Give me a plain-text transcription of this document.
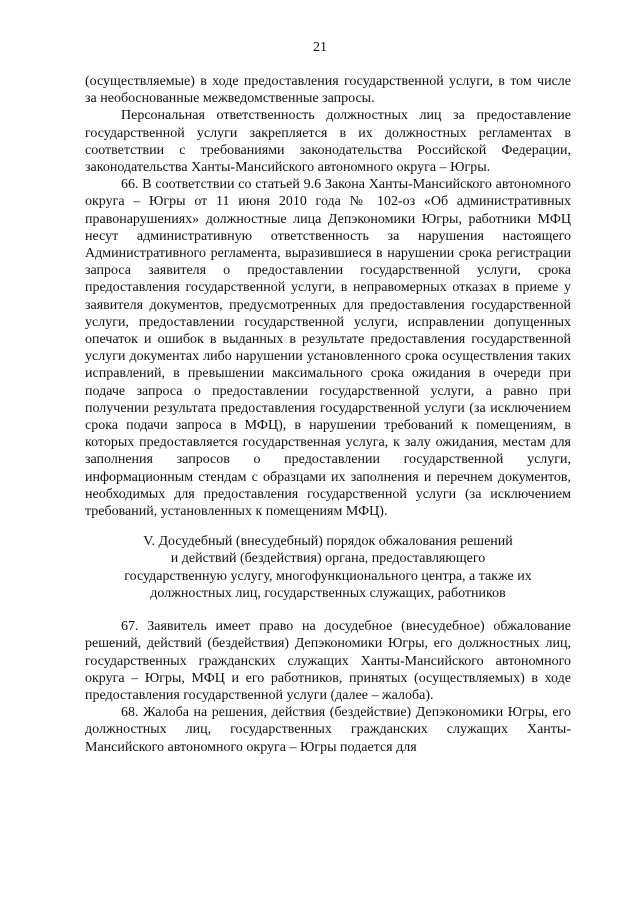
21

(осуществляемые) в ходе предоставления государственной услуги, в том числе за необоснованные межведомственные запросы.

Персональная ответственность должностных лиц за предоставление государственной услуги закрепляется в их должностных регламентах в соответствии с требованиями законодательства Российской Федерации, законодательства Ханты-Мансийского автономного округа – Югры.

66. В соответствии со статьей 9.6 Закона Ханты-Мансийского автономного округа – Югры от 11 июня 2010 года № 102-оз «Об административных правонарушениях» должностные лица Депэкономики Югры, работники МФЦ несут административную ответственность за нарушения настоящего Административного регламента, выразившиеся в нарушении срока регистрации запроса заявителя о предоставлении государственной услуги, срока предоставления государственной услуги, в неправомерных отказах в приеме у заявителя документов, предусмотренных для предоставления государственной услуги, предоставлении государственной услуги, исправлении допущенных опечаток и ошибок в выданных в результате предоставления государственной услуги документах либо нарушении установленного срока осуществления таких исправлений, в превышении максимального срока ожидания в очереди при подаче запроса о предоставлении государственной услуги, а равно при получении результата предоставления государственной услуги (за исключением срока подачи запроса в МФЦ), в нарушении требований к помещениям, в которых предоставляется государственная услуга, к залу ожидания, местам для заполнения запросов о предоставлении государственной услуги, информационным стендам с образцами их заполнения и перечнем документов, необходимых для предоставления государственной услуги (за исключением требований, установленных к помещениям МФЦ).

V. Досудебный (внесудебный) порядок обжалования решений
и действий (бездействия) органа, предоставляющего
государственную услугу, многофункционального центра, а также их
должностных лиц, государственных служащих, работников

67. Заявитель имеет право на досудебное (внесудебное) обжалование решений, действий (бездействия) Депэкономики Югры, его должностных лиц, государственных гражданских служащих Ханты-Мансийского автономного округа – Югры, МФЦ и его работников, принятых (осуществляемых) в ходе предоставления государственной услуги (далее – жалоба).

68. Жалоба на решения, действия (бездействие) Депэкономики Югры, его должностных лиц, государственных гражданских служащих Ханты-Мансийского автономного округа – Югры подается для
